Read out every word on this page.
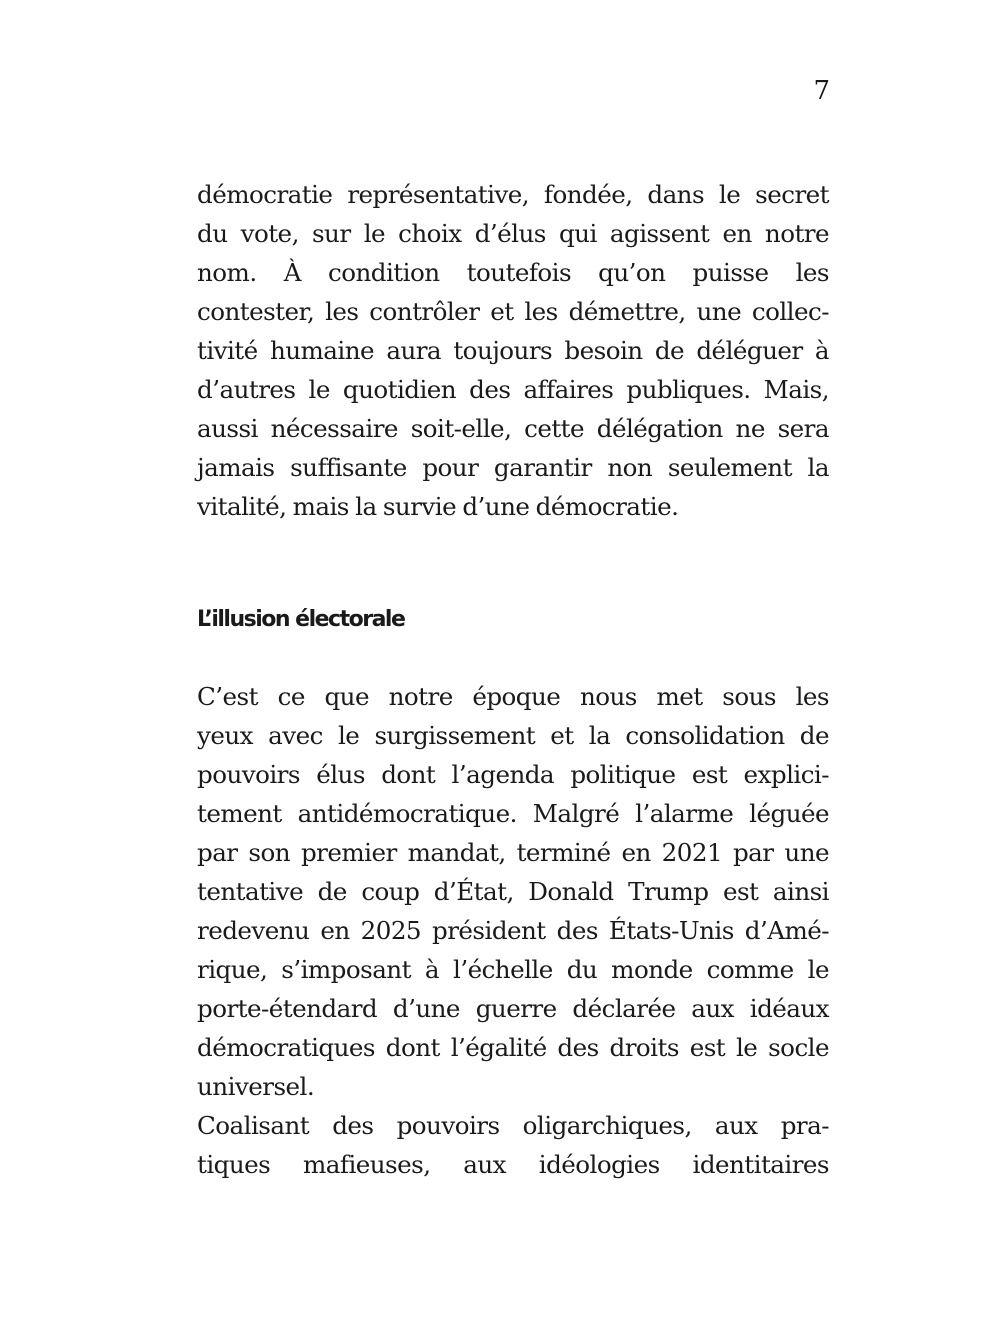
7
démocratie représentative, fondée, dans le secret
du vote, sur le choix d’élus qui agissent en notre
nom. À condition toutefois qu’on puisse les
contester, les contrôler et les démettre, une collec-
tivité humaine aura toujours besoin de déléguer à
d’autres le quotidien des affaires publiques. Mais,
aussi nécessaire soit-elle, cette délégation ne sera
jamais suffisante pour garantir non seulement la
vitalité, mais la survie d’une démocratie.
L’illusion électorale
C’est ce que notre époque nous met sous les
yeux avec le surgissement et la consolidation de
pouvoirs élus dont l’agenda politique est explici-
tement antidémocratique. Malgré l’alarme léguée
par son premier mandat, terminé en 2021 par une
tentative de coup d’État, Donald Trump est ainsi
redevenu en 2025 président des États-Unis d’Amé-
rique, s’imposant à l’échelle du monde comme le
porte-étendard d’une guerre déclarée aux idéaux
démocratiques dont l’égalité des droits est le socle
universel.
Coalisant des pouvoirs oligarchiques, aux pra-
tiques mafieuses, aux idéologies identitaires
